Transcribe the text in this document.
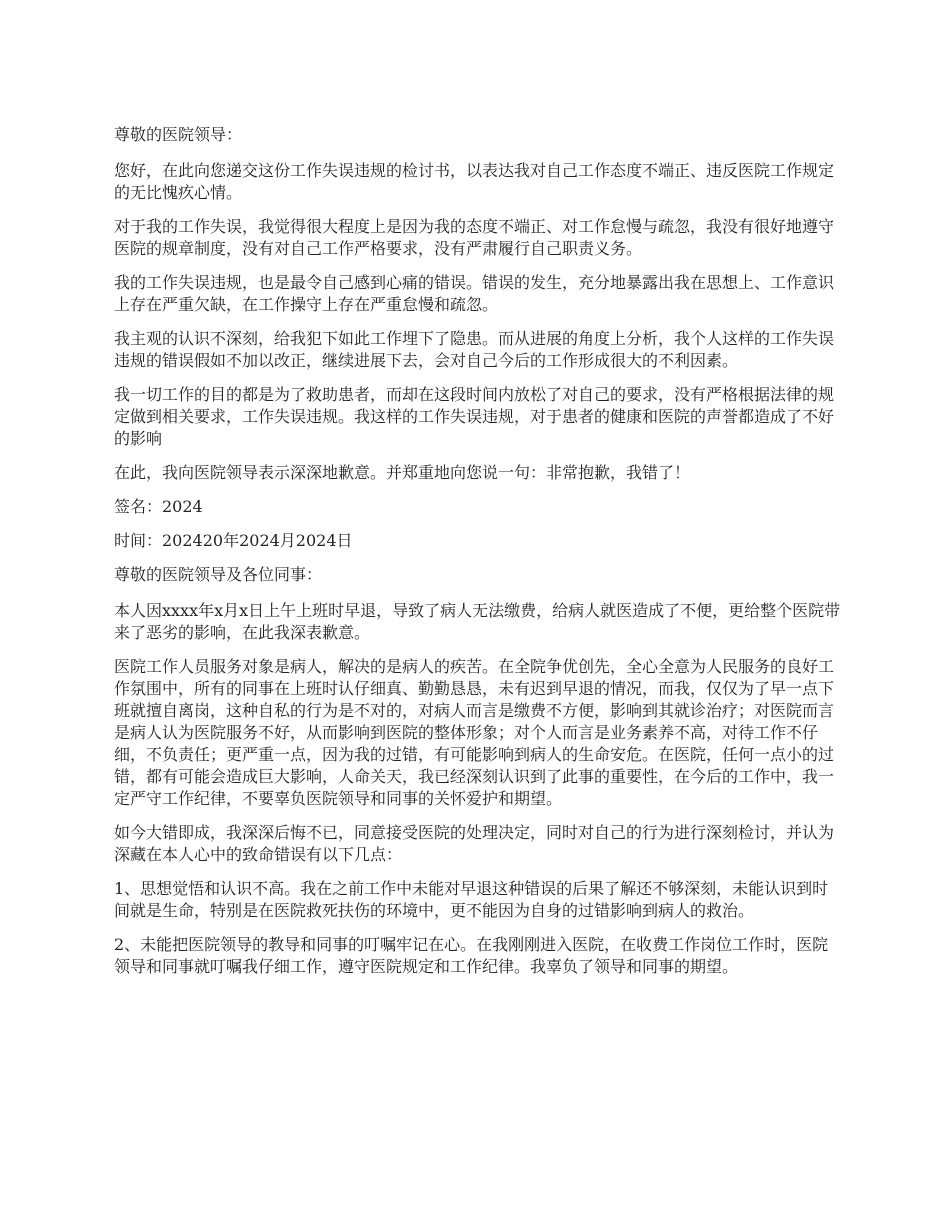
尊敬的医院领导：

您好，在此向您递交这份工作失误违规的检讨书，以表达我对自己工作态度不端正、违反医院工作规定的无比愧疚心情。

对于我的工作失误，我觉得很大程度上是因为我的态度不端正、对工作怠慢与疏忽，我没有很好地遵守医院的规章制度，没有对自己工作严格要求，没有严肃履行自己职责义务。

我的工作失误违规，也是最令自己感到心痛的错误。错误的发生，充分地暴露出我在思想上、工作意识上存在严重欠缺，在工作操守上存在严重怠慢和疏忽。

我主观的认识不深刻，给我犯下如此工作埋下了隐患。而从进展的角度上分析，我个人这样的工作失误违规的错误假如不加以改正，继续进展下去，会对自己今后的工作形成很大的不利因素。

我一切工作的目的都是为了救助患者，而却在这段时间内放松了对自己的要求，没有严格根据法律的规定做到相关要求，工作失误违规。我这样的工作失误违规，对于患者的健康和医院的声誉都造成了不好的影响

在此，我向医院领导表示深深地歉意。并郑重地向您说一句：非常抱歉，我错了！

签名：2024

时间：202420年2024月2024日

尊敬的医院领导及各位同事：

本人因xxxx年x月x日上午上班时早退，导致了病人无法缴费，给病人就医造成了不便，更给整个医院带来了恶劣的影响，在此我深表歉意。

医院工作人员服务对象是病人，解决的是病人的疾苦。在全院争优创先，全心全意为人民服务的良好工作氛围中，所有的同事在上班时认仔细真、勤勤恳恳，未有迟到早退的情况，而我，仅仅为了早一点下班就擅自离岗，这种自私的行为是不对的，对病人而言是缴费不方便，影响到其就诊治疗；对医院而言是病人认为医院服务不好，从而影响到医院的整体形象；对个人而言是业务素养不高，对待工作不仔细，不负责任；更严重一点，因为我的过错，有可能影响到病人的生命安危。在医院，任何一点小的过错，都有可能会造成巨大影响，人命关天，我已经深刻认识到了此事的重要性，在今后的工作中，我一定严守工作纪律，不要辜负医院领导和同事的关怀爱护和期望。

如今大错即成，我深深后悔不已，同意接受医院的处理决定，同时对自己的行为进行深刻检讨，并认为深藏在本人心中的致命错误有以下几点：

1、思想觉悟和认识不高。我在之前工作中未能对早退这种错误的后果了解还不够深刻，未能认识到时间就是生命，特别是在医院救死扶伤的环境中，更不能因为自身的过错影响到病人的救治。

2、未能把医院领导的教导和同事的叮嘱牢记在心。在我刚刚进入医院，在收费工作岗位工作时，医院领导和同事就叮嘱我仔细工作，遵守医院规定和工作纪律。我辜负了领导和同事的期望。
